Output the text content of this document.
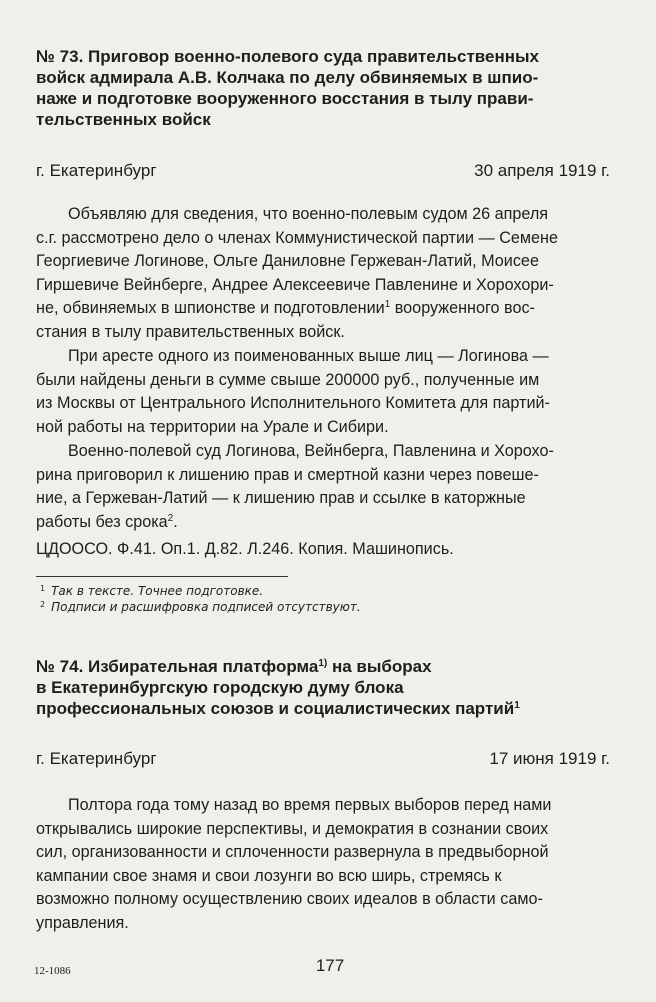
№ 73. Приговор военно-полевого суда правительственных
войск адмирала А.В. Колчака по делу обвиняемых в шпио-
наже и подготовке вооруженного восстания в тылу прави-
тельственных войск
г. Екатеринбург	30 апреля 1919 г.
Объявляю для сведения, что военно-полевым судом 26 апреля
с.г. рассмотрено дело о членах Коммунистической партии — Семене
Георгиевиче Логинове, Ольге Даниловне Гержеван-Латий, Моисее
Гиршевиче Вейнберге, Андрее Алексеевиче Павленине и Хорохори-
не, обвиняемых в шпионстве и подготовлении$^1$ вооруженного вос-
стания в тылу правительственных войск.
При аресте одного из поименованных выше лиц — Логинова —
были найдены деньги в сумме свыше 200000 руб., полученные им
из Москвы от Центрального Исполнительного Комитета для партий-
ной работы на территории на Урале и Сибири.
Военно-полевой суд Логинова, Вейнберга, Павленина и Хорохо-
рина приговорил к лишению прав и смертной казни через повеше-
ние, а Гержеван-Латий — к лишению прав и ссылке в каторжные
работы без срока$^2$.
ЦДООСО. Ф.41. Оп.1. Д.82. Л.246. Копия. Машинопись.
$^1$ Так в тексте. Точнее подготовке.
$^2$ Подписи и расшифровка подписей отсутствуют.
№ 74. Избирательная платформа$^{1)}$ на выборах
в Екатеринбургскую городскую думу блока
профессиональных союзов и социалистических партий$^1$
г. Екатеринбург	17 июня 1919 г.
Полтора года тому назад во время первых выборов перед нами
открывались широкие перспективы, и демократия в сознании своих
сил, организованности и сплоченности развернула в предвыборной
кампании свое знамя и свои лозунги во всю ширь, стремясь к
возможно полному осуществлению своих идеалов в области само-
управления.
12-1086	177
